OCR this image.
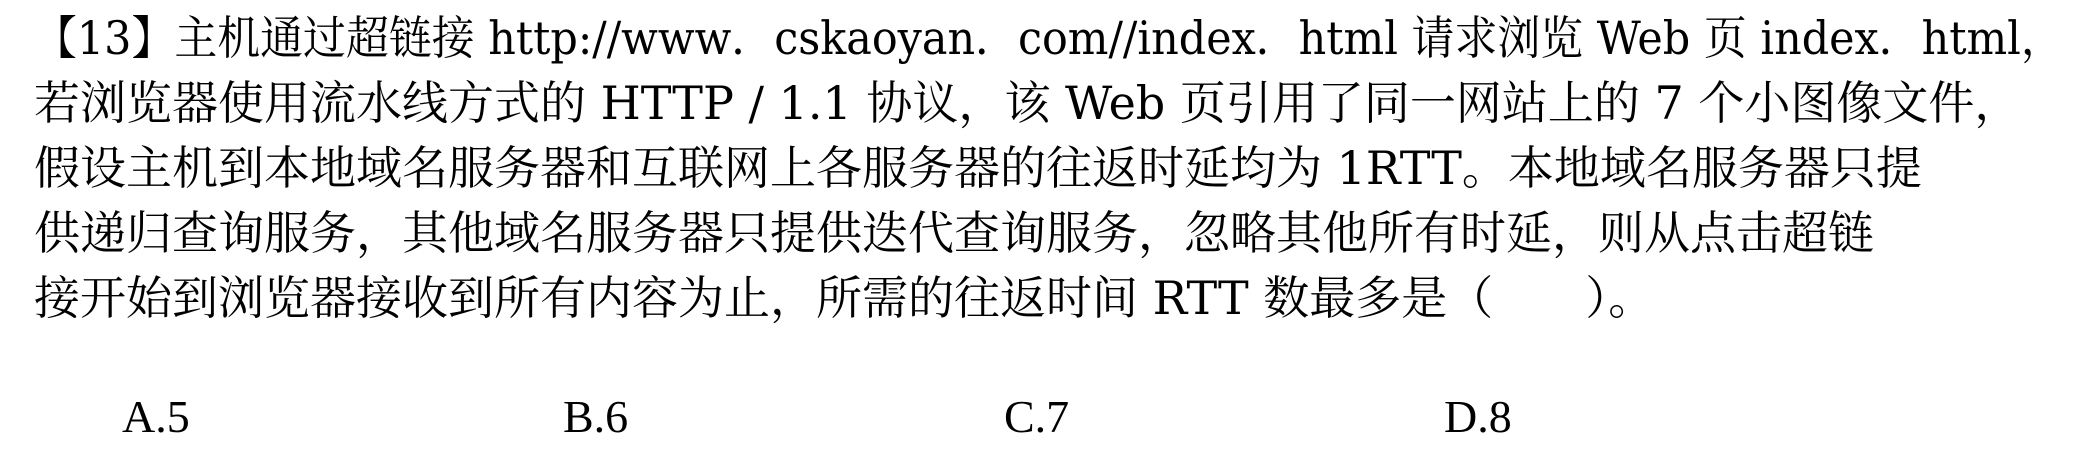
【13】主机通过超链接 http://www．cskaoyan．com//index．html 请求浏览 Web 页 index．html，
若浏览器使用流水线方式的 HTTP / 1.1 协议，该 Web 页引用了同一网站上的 7 个小图像文件，
假设主机到本地域名服务器和互联网上各服务器的往返时延均为 1RTT。本地域名服务器只提
供递归查询服务，其他域名服务器只提供迭代查询服务，忽略其他所有时延，则从点击超链
接开始到浏览器接收到所有内容为止，所需的往返时间 RTT 数最多是（　　）。
A.5	B.6	C.7	D.8
